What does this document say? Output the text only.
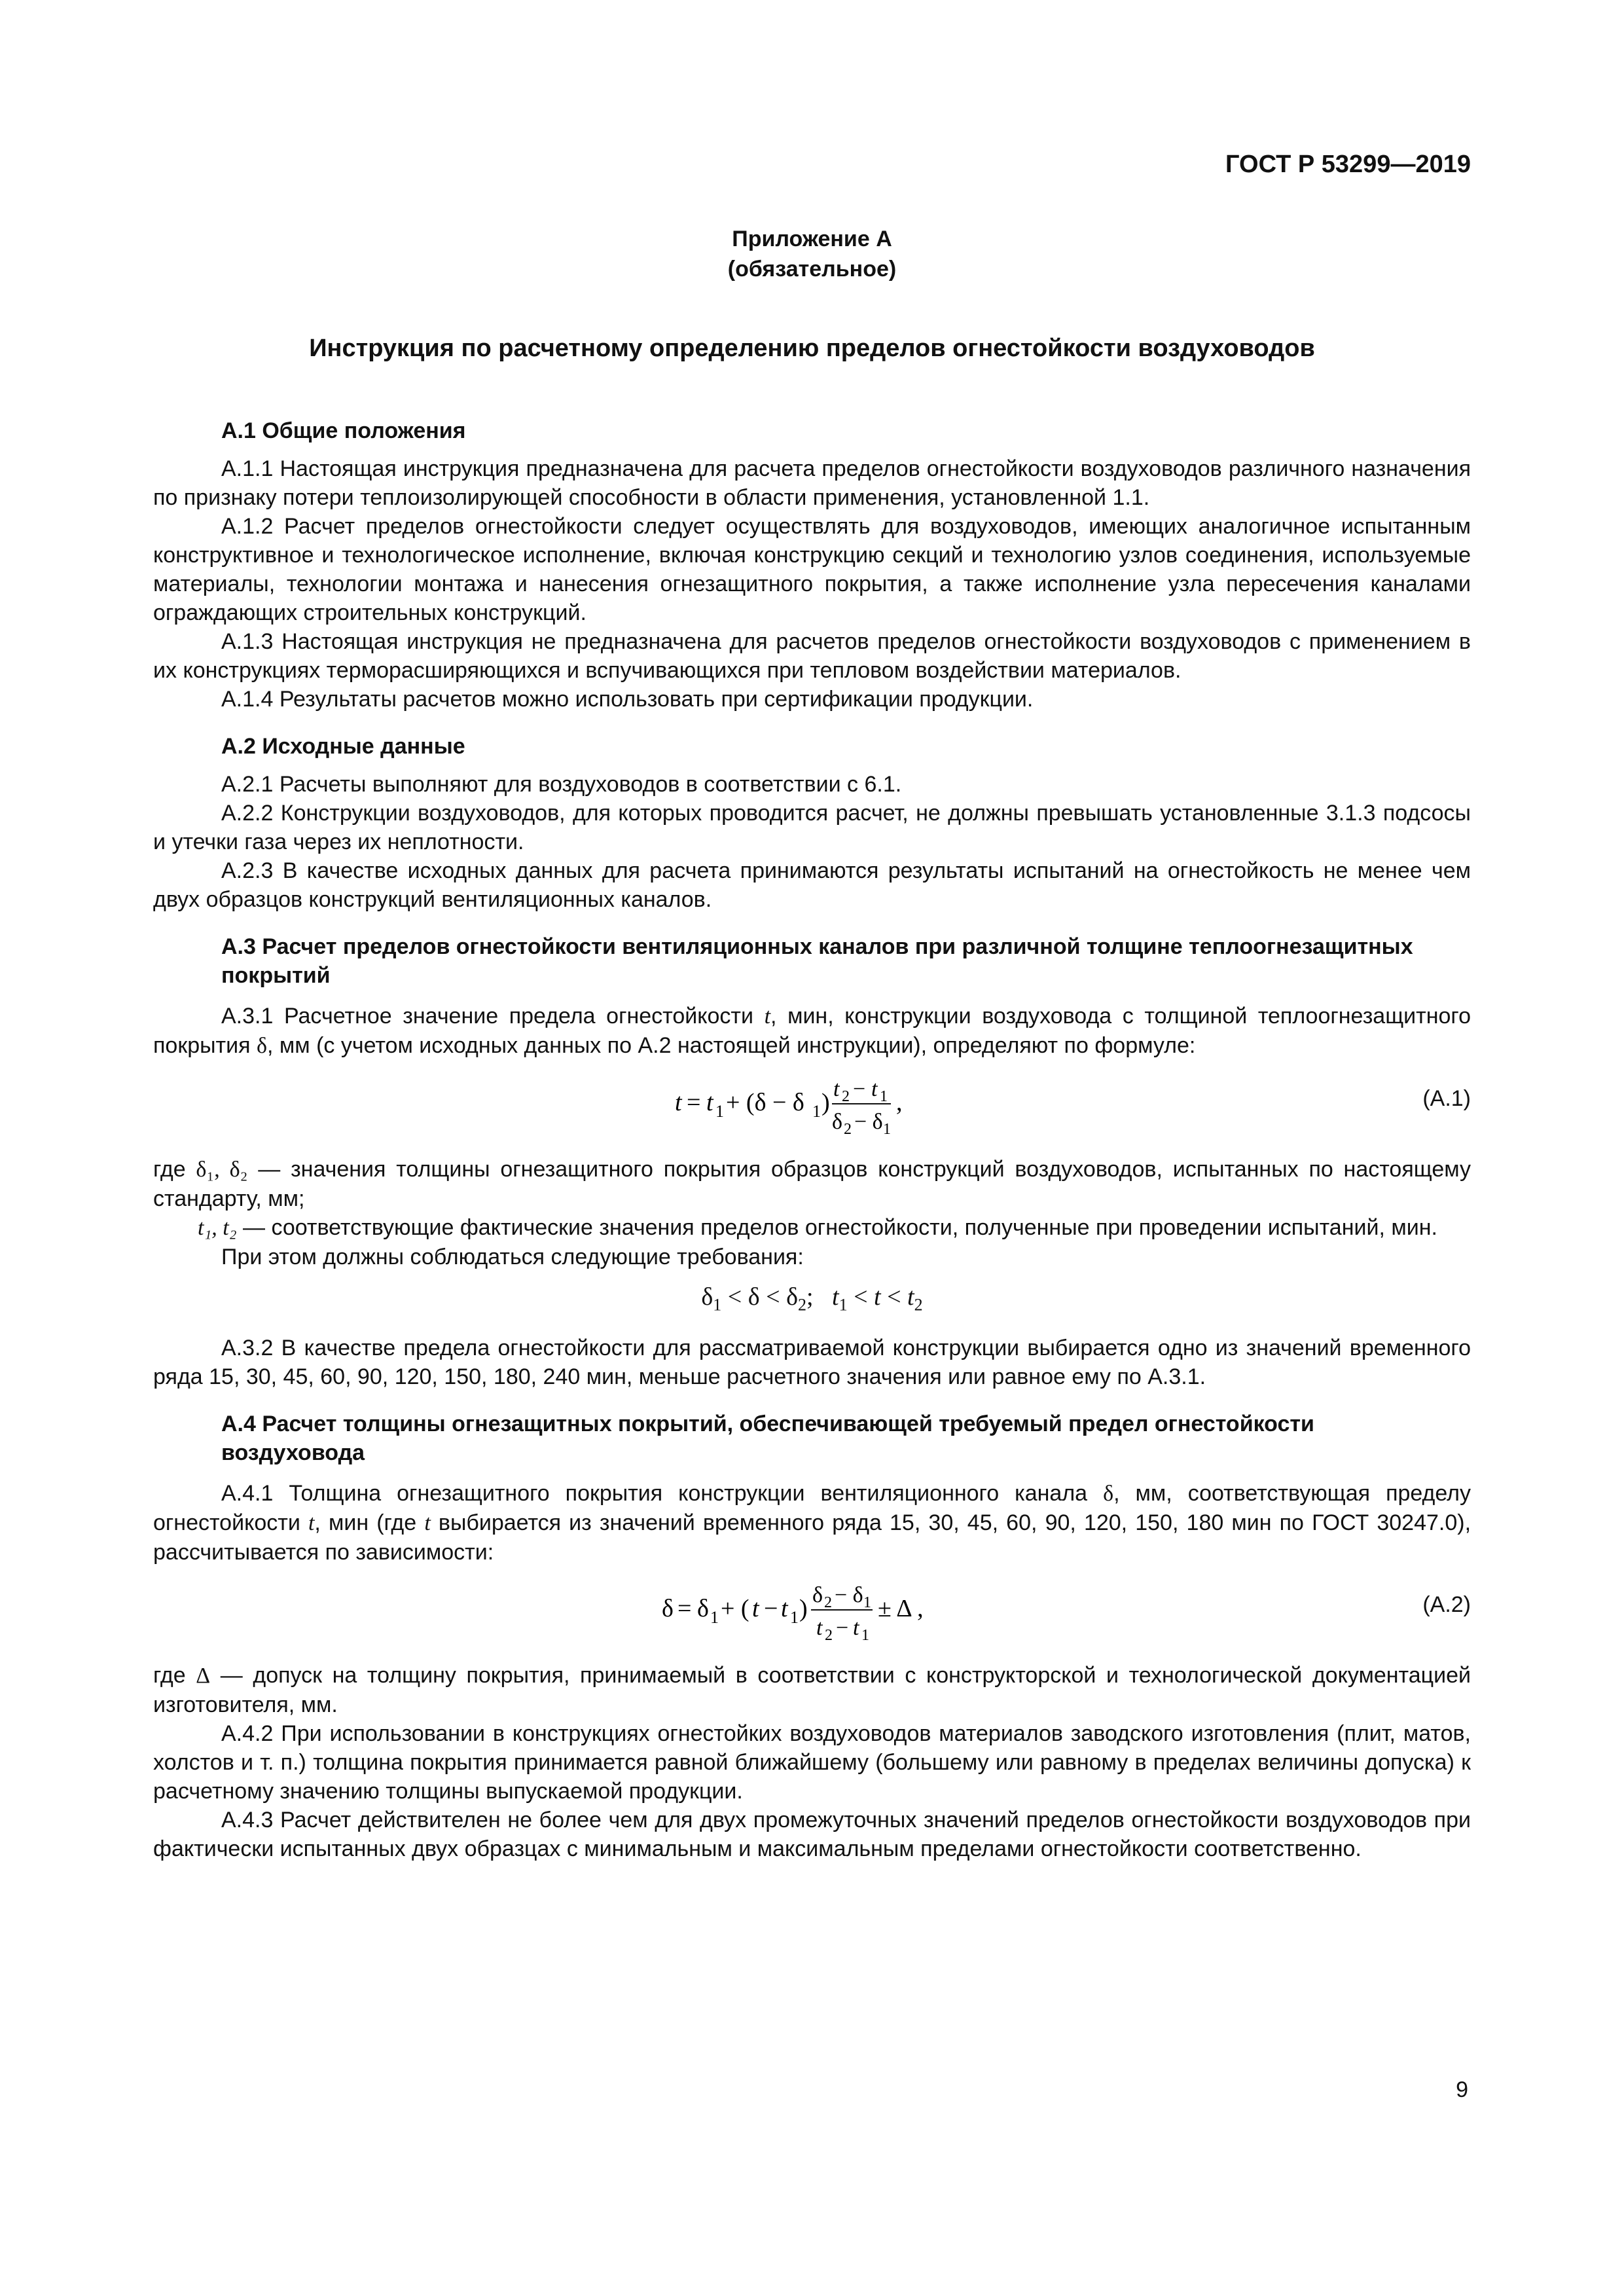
ГОСТ Р 53299—2019
Приложение А
(обязательное)
Инструкция по расчетному определению пределов огнестойкости воздуховодов
А.1 Общие положения

А.1.1 Настоящая инструкция предназначена для расчета пределов огнестойкости воздуховодов различного назначения по признаку потери теплоизолирующей способности в области применения, установленной 1.1.

А.1.2 Расчет пределов огнестойкости следует осуществлять для воздуховодов, имеющих аналогичное испытанным конструктивное и технологическое исполнение, включая конструкцию секций и технологию узлов соединения, используемые материалы, технологии монтажа и нанесения огнезащитного покрытия, а также исполнение узла пересечения каналами ограждающих строительных конструкций.

А.1.3 Настоящая инструкция не предназначена для расчетов пределов огнестойкости воздуховодов с применением в их конструкциях терморасширяющихся и вспучивающихся при тепловом воздействии материалов.

А.1.4 Результаты расчетов можно использовать при сертификации продукции.

А.2 Исходные данные

А.2.1 Расчеты выполняют для воздуховодов в соответствии с 6.1.

А.2.2 Конструкции воздуховодов, для которых проводится расчет, не должны превышать установленные 3.1.3 подсосы и утечки газа через их неплотности.

А.2.3 В качестве исходных данных для расчета принимаются результаты испытаний на огнестойкость не менее чем двух образцов конструкций вентиляционных каналов.

А.3 Расчет пределов огнестойкости вентиляционных каналов при различной толщине теплоогнезащитных
покрытий

А.3.1 Расчетное значение предела огнестойкости t, мин, конструкции воздуховода с толщиной теплоогнезащитного покрытия δ, мм (с учетом исходных данных по А.2 настоящей инструкции), определяют по формуле:

t = t 1 + (δ − δ 1 ) t 2 − t 1
δ 2 − δ 1
,	(А.1)
где δ₁, δ₂ — значения толщины огнезащитного покрытия образцов конструкций воздуховодов, испытанных по настоящему стандарту, мм;
t₁, t₂ — соответствующие фактические значения пределов огнестойкости, полученные при проведении испытаний, мин.

При этом должны соблюдаться следующие требования:

$\delta_1 < \delta < \delta_2$;   $t_1 < t < t_2$

А.3.2 В качестве предела огнестойкости для рассматриваемой конструкции выбирается одно из значений временного ряда 15, 30, 45, 60, 90, 120, 150, 180, 240 мин, меньше расчетного значения или равное ему по А.3.1.

А.4 Расчет толщины огнезащитных покрытий, обеспечивающей требуемый предел огнестойкости
воздуховода

А.4.1 Толщина огнезащитного покрытия конструкции вентиляционного канала δ, мм, соответствующая пределу огнестойкости t, мин (где t выбирается из значений временного ряда 15, 30, 45, 60, 90, 120, 150, 180 мин по ГОСТ 30247.0), рассчитывается по зависимости:

δ = δ 1 + ( t − t 1 ) δ 2 − δ 1
t 2 − t 1
± Δ ,	(А.2)
где Δ — допуск на толщину покрытия, принимаемый в соответствии с конструкторской и технологической документацией изготовителя, мм.

А.4.2 При использовании в конструкциях огнестойких воздуховодов материалов заводского изготовления (плит, матов, холстов и т. п.) толщина покрытия принимается равной ближайшему (большему или равному в пределах величины допуска) к расчетному значению толщины выпускаемой продукции.

А.4.3 Расчет действителен не более чем для двух промежуточных значений пределов огнестойкости воздуховодов при фактически испытанных двух образцах с минимальным и максимальным пределами огнестойкости соответственно.

9
